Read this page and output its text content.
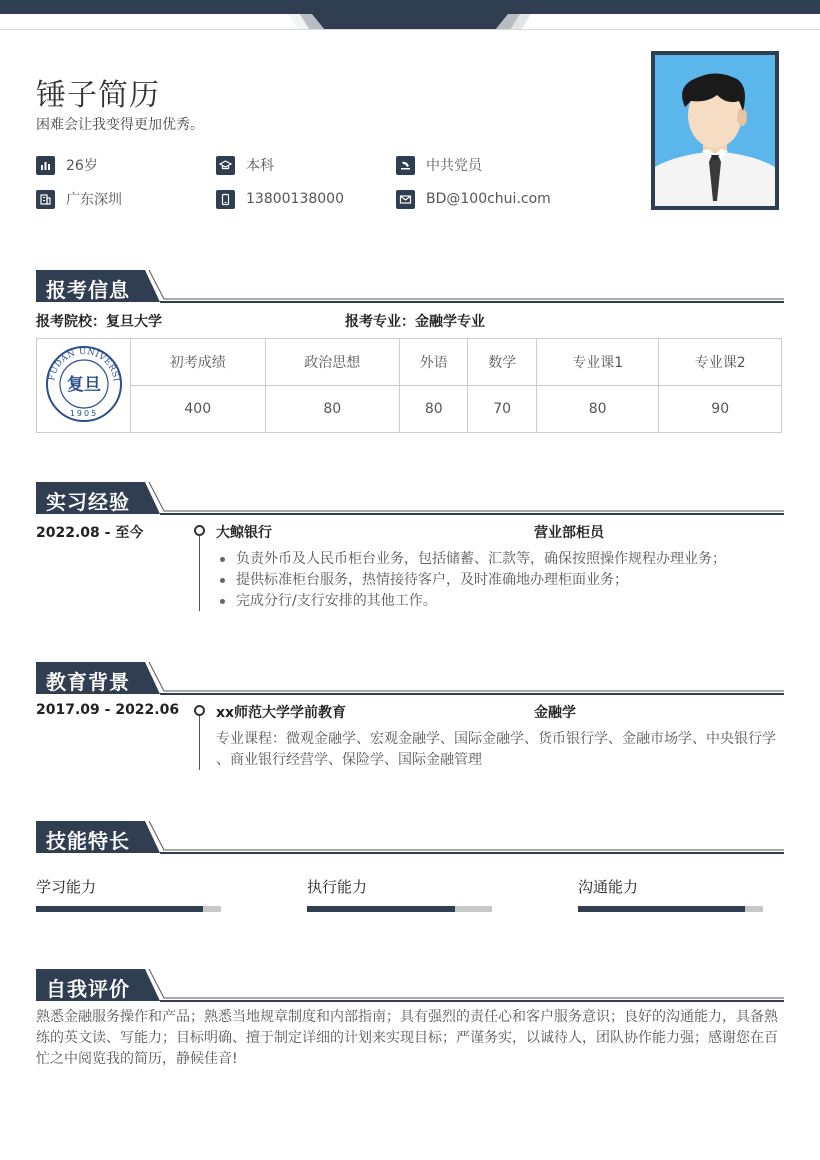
锤子简历
困难会让我变得更加优秀。
26岁	本科	中共党员
广东深圳	13800138000	BD@100chui.com
报考信息
报考院校：复旦大学	报考专业：金融学专业
FUDAN UNIVERSI
复旦
1905	初考成绩	政治思想	外语	数学	专业课1	专业课2
	400	80	80	70	80	90
实习经验
2022.08 - 至今	大鲸银行	营业部柜员
负责外币及人民币柜台业务，包括储蓄、汇款等，确保按照操作规程办理业务；
提供标准柜台服务，热情接待客户，及时准确地办理柜面业务；
完成分行/支行安排的其他工作。
教育背景
2017.09 - 2022.06	xx师范大学学前教育	金融学
专业课程：微观金融学、宏观金融学、国际金融学、货币银行学、金融市场学、中央银行学
、商业银行经营学、保险学、国际金融管理
技能特长
学习能力	执行能力	沟通能力
自我评价
熟悉金融服务操作和产品；熟悉当地规章制度和内部指南；具有强烈的责任心和客户服务意识；良好的沟通能力，具备熟
练的英文读、写能力；目标明确、擅于制定详细的计划来实现目标；严谨务实，以诚待人，团队协作能力强；感谢您在百
忙之中阅览我的简历，静候佳音!
